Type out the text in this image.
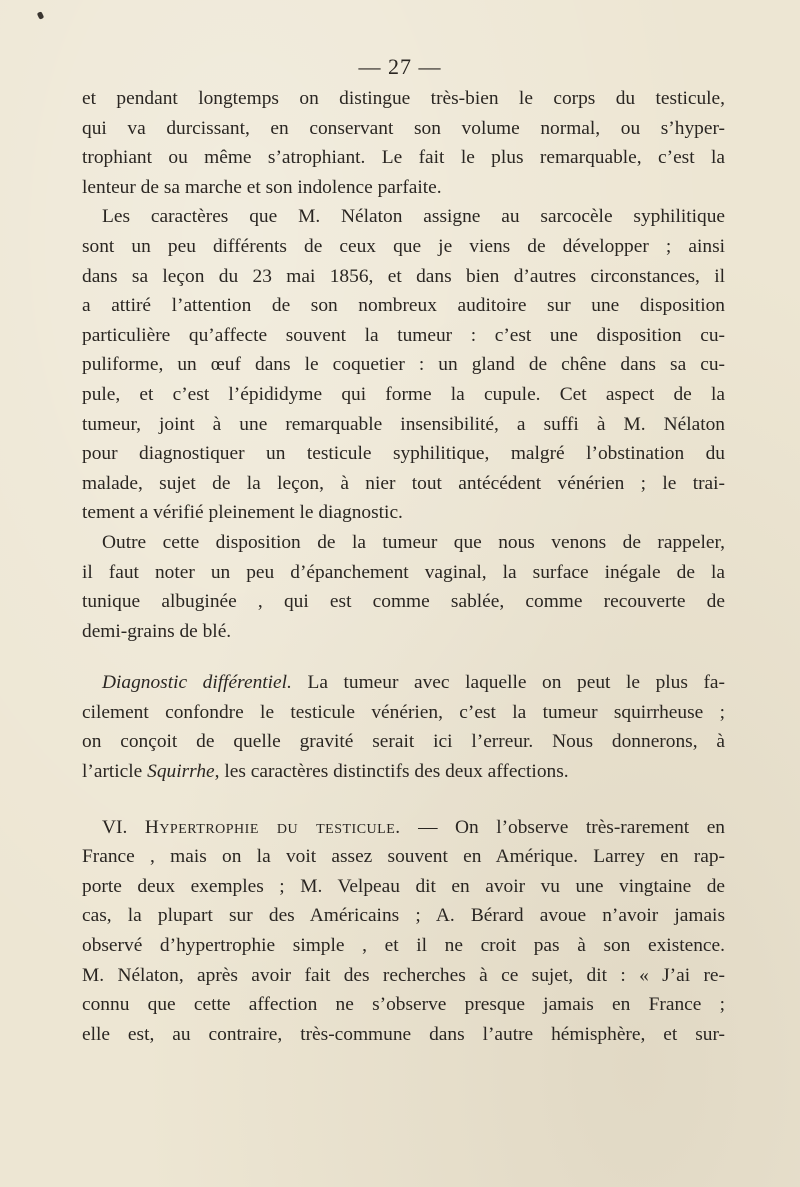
— 27 —
et pendant longtemps on distingue très-bien le corps du testicule,
qui va durcissant, en conservant son volume normal, ou s’hyper-
trophiant ou même s’atrophiant. Le fait le plus remarquable, c’est la
lenteur de sa marche et son indolence parfaite.
Les caractères que M. Nélaton assigne au sarcocèle syphilitique
sont un peu différents de ceux que je viens de développer ; ainsi
dans sa leçon du 23 mai 1856, et dans bien d’autres circonstances, il
a attiré l’attention de son nombreux auditoire sur une disposition
particulière qu’affecte souvent la tumeur : c’est une disposition cu-
puliforme, un œuf dans le coquetier : un gland de chêne dans sa cu-
pule, et c’est l’épididyme qui forme la cupule. Cet aspect de la
tumeur, joint à une remarquable insensibilité, a suffi à M. Nélaton
pour diagnostiquer un testicule syphilitique, malgré l’obstination du
malade, sujet de la leçon, à nier tout antécédent vénérien ; le trai-
tement a vérifié pleinement le diagnostic.
Outre cette disposition de la tumeur que nous venons de rappeler,
il faut noter un peu d’épanchement vaginal, la surface inégale de la
tunique albuginée , qui est comme sablée, comme recouverte de
demi-grains de blé.
Diagnostic différentiel. La tumeur avec laquelle on peut le plus fa-
cilement confondre le testicule vénérien, c’est la tumeur squirrheuse ;
on conçoit de quelle gravité serait ici l’erreur. Nous donnerons, à
l’article Squirrhe, les caractères distinctifs des deux affections.
VI. Hypertrophie du testicule. — On l’observe très-rarement en
France , mais on la voit assez souvent en Amérique. Larrey en rap-
porte deux exemples ; M. Velpeau dit en avoir vu une vingtaine de
cas, la plupart sur des Américains ; A. Bérard avoue n’avoir jamais
observé d’hypertrophie simple , et il ne croit pas à son existence.
M. Nélaton, après avoir fait des recherches à ce sujet, dit : « J’ai re-
connu que cette affection ne s’observe presque jamais en France ;
elle est, au contraire, très-commune dans l’autre hémisphère, et sur-
